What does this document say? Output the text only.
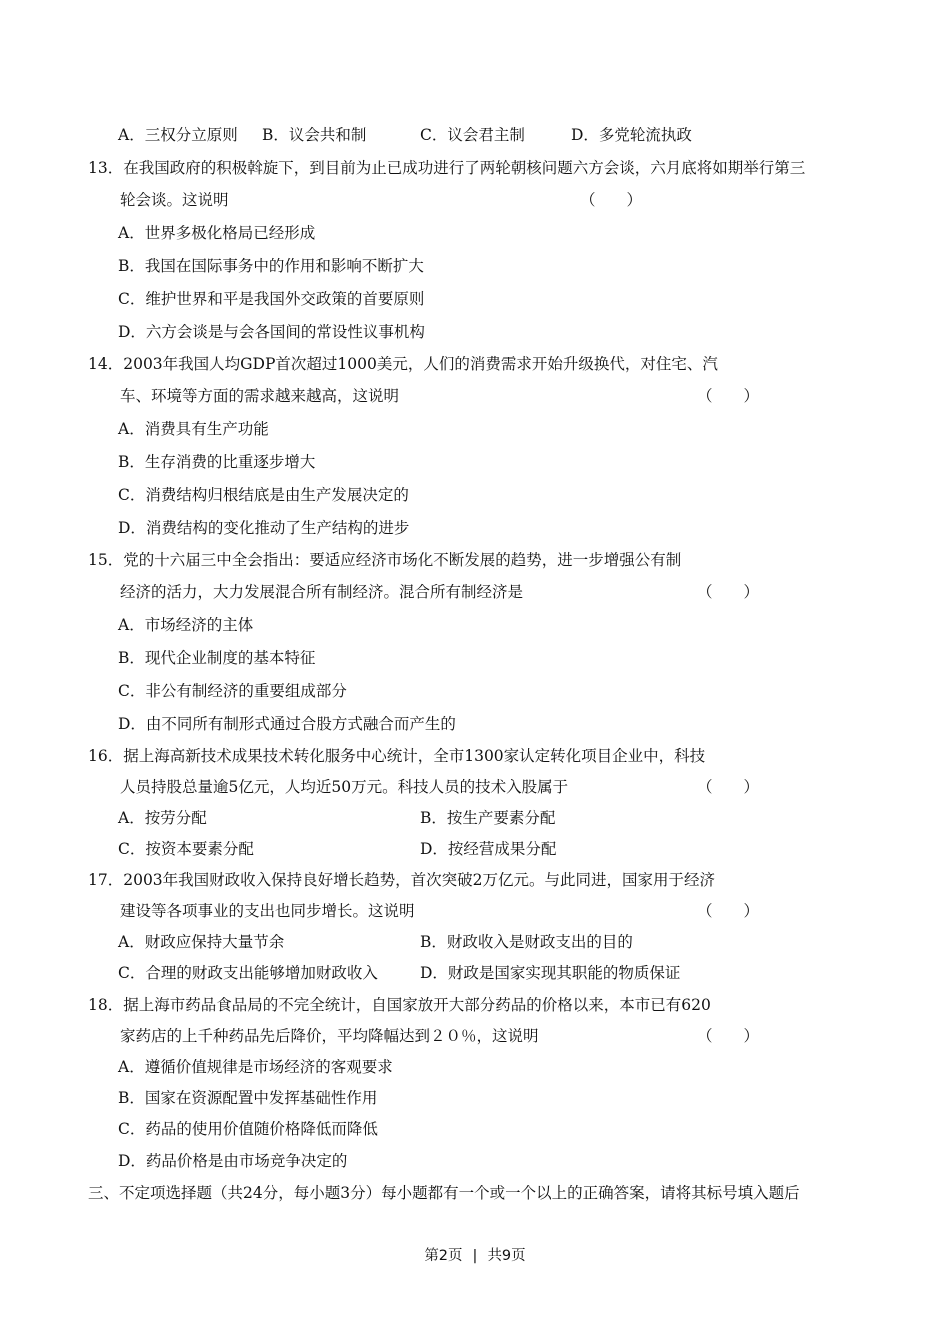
A．三权分立原则 B．议会共和制	C．议会君主制	D．多党轮流执政
13．在我国政府的积极斡旋下，到目前为止已成功进行了两轮朝核问题六方会谈，六月底将如期举行第三
轮会谈。这说明	（　　）
A．世界多极化格局已经形成
B．我国在国际事务中的作用和影响不断扩大
C．维护世界和平是我国外交政策的首要原则
D．六方会谈是与会各国间的常设性议事机构
14．2003年我国人均GDP首次超过1000美元，人们的消费需求开始升级换代，对住宅、汽
车、环境等方面的需求越来越高，这说明	（　　）
A．消费具有生产功能
B．生存消费的比重逐步增大
C．消费结构归根结底是由生产发展决定的
D．消费结构的变化推动了生产结构的进步
15．党的十六届三中全会指出：要适应经济市场化不断发展的趋势，进一步增强公有制
经济的活力，大力发展混合所有制经济。混合所有制经济是	（　　）
A．市场经济的主体
B．现代企业制度的基本特征
C．非公有制经济的重要组成部分
D．由不同所有制形式通过合股方式融合而产生的
16．据上海高新技术成果技术转化服务中心统计，全市1300家认定转化项目企业中，科技
人员持股总量逾5亿元，人均近50万元。科技人员的技术入股属于	（　　）
A．按劳分配	B．按生产要素分配
C．按资本要素分配	D．按经营成果分配
17．2003年我国财政收入保持良好增长趋势，首次突破2万亿元。与此同进，国家用于经济
建设等各项事业的支出也同步增长。这说明	（　　）
A．财政应保持大量节余	B．财政收入是财政支出的目的
C．合理的财政支出能够增加财政收入	D．财政是国家实现其职能的物质保证
18．据上海市药品食品局的不完全统计，自国家放开大部分药品的价格以来，本市已有620
家药店的上千种药品先后降价，平均降幅达到２０％，这说明	（　　）
A．遵循价值规律是市场经济的客观要求
B．国家在资源配置中发挥基础性作用
C．药品的使用价值随价格降低而降低
D．药品价格是由市场竞争决定的
三、不定项选择题（共24分，每小题3分）每小题都有一个或一个以上的正确答案，请将其标号填入题后
第2页 | 共9页
